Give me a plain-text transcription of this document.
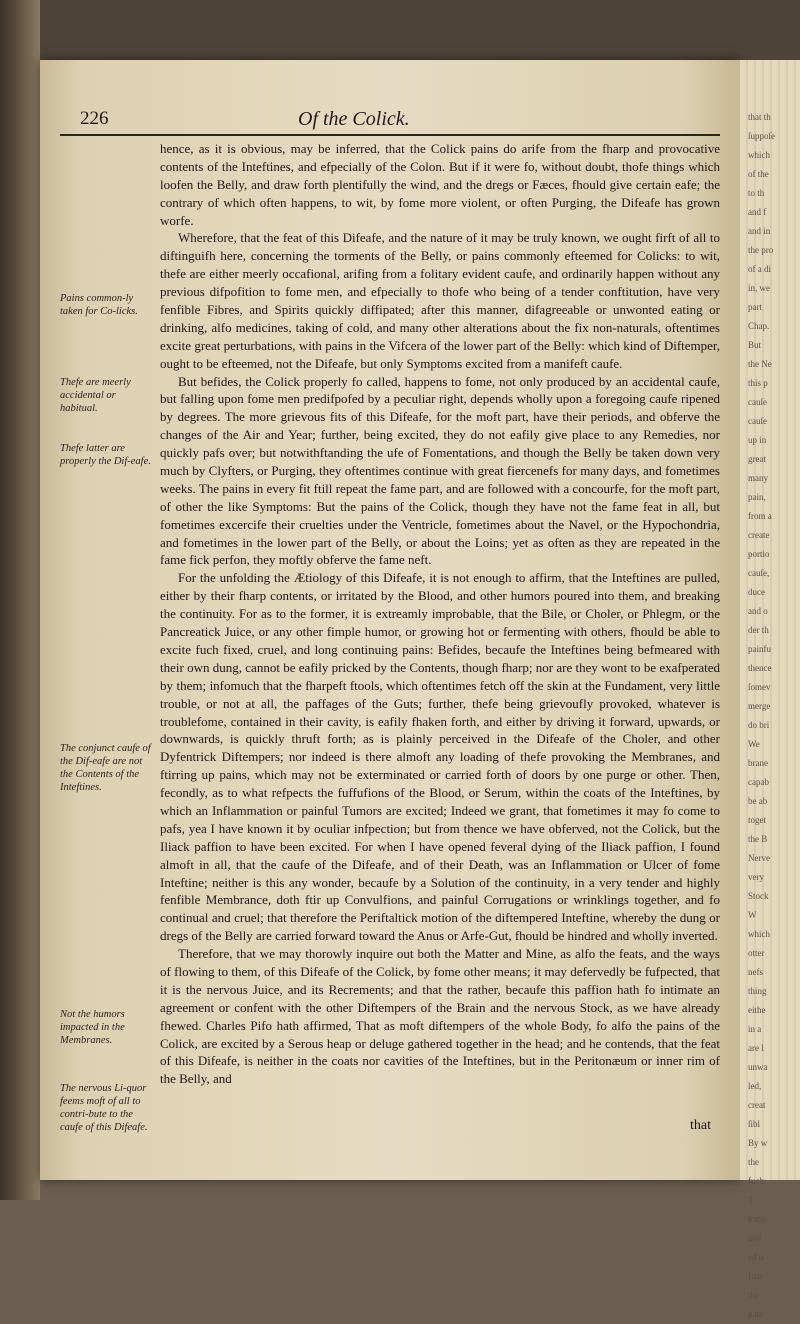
that th
ſuppoſe
which
of the
to th
and f
and in
the pro
of a di
in, we
part
Chap.
But
the Ne
this p
cauſe
cauſe
up in
great
many
pain,
from a
create
portio
cauſe,
duce
and o
der th
painfu
thence
ſomev
merge
do bri
We
brane
capab
be ab
toget
the B
Nerve
very
Stock
W
which
otter
nefs
thing
eithe
in a
are l
unwa
led,
creat
ſibl
By w
the
fuch
T
ſome
and
ed u
Lyn
the
pate
226	Of the Colick.
Pains common-ly taken for Co-licks.
Thefe are meerly accidental or habitual.
Thefe latter are properly the Dif-eafe.
The conjunct caufe of the Dif-eafe are not the Contents of the Inteftines.
Not the humors impacted in the Membranes.
The nervous Li-quor feems moft of all to contri-bute to the caufe of this Difeafe.

hence, as it is obvious, may be inferred, that the Colick pains do arife from the fharp and provocative contents of the Inteftines, and efpecially of the Colon. But if it were fo, without doubt, thofe things which loofen the Belly, and draw forth plentifully the wind, and the dregs or Fæces, fhould give certain eafe; the contrary of which often happens, to wit, by fome more violent, or often Purging, the Difeafe has grown worfe.

Wherefore, that the feat of this Difeafe, and the nature of it may be truly known, we ought firft of all to diftinguifh here, concerning the torments of the Belly, or pains commonly efteemed for Colicks: to wit, thefe are either meerly occafional, arifing from a folitary evident caufe, and ordinarily happen without any previous difpofition to fome men, and efpecially to thofe who being of a tender conftitution, have very fenfible Fibres, and Spirits quickly diffipated; after this manner, difagreeable or unwonted eating or drinking, alfo medicines, taking of cold, and many other alterations about the fix non-naturals, oftentimes excite great perturbations, with pains in the Vifcera of the lower part of the Belly: which kind of Diftemper, ought to be efteemed, not the Difeafe, but only Symptoms excited from a manifeft caufe.

But befides, the Colick properly fo called, happens to fome, not only produced by an accidental caufe, but falling upon fome men predifpofed by a peculiar right, depends wholly upon a foregoing caufe ripened by degrees. The more grievous fits of this Difeafe, for the moft part, have their periods, and obferve the changes of the Air and Year; further, being excited, they do not eafily give place to any Remedies, nor quickly pafs over; but notwithftanding the ufe of Fomentations, and though the Belly be taken down very much by Clyfters, or Purging, they oftentimes continue with great fiercenefs for many days, and fometimes weeks. The pains in every fit ftill repeat the fame part, and are followed with a concourfe, for the moft part, of other the like Symptoms: But the pains of the Colick, though they have not the fame feat in all, but fometimes excercife their cruelties under the Ventricle, fometimes about the Navel, or the Hypochondria, and fometimes in the lower part of the Belly, or about the Loins; yet as often as they are repeated in the fame fick perfon, they moftly obferve the fame neft.

For the unfolding the Ætiology of this Difeafe, it is not enough to affirm, that the Inteftines are pulled, either by their fharp contents, or irritated by the Blood, and other humors poured into them, and breaking the continuity. For as to the former, it is extreamly improbable, that the Bile, or Choler, or Phlegm, or the Pancreatick Juice, or any other fimple humor, or growing hot or fermenting with others, fhould be able to excite fuch fixed, cruel, and long continuing pains: Befides, becaufe the Inteftines being befmeared with their own dung, cannot be eafily pricked by the Contents, though fharp; nor are they wont to be exafperated by them; infomuch that the fharpeft ftools, which oftentimes fetch off the skin at the Fundament, very little trouble, or not at all, the paffages of the Guts; further, thefe being grievoufly provoked, whatever is troublefome, contained in their cavity, is eafily fhaken forth, and either by driving it forward, upwards, or downwards, is quickly thruft forth; as is plainly perceived in the Difeafe of the Choler, and other Dyfentrick Diftempers; nor indeed is there almoft any loading of thefe provoking the Membranes, and ftirring up pains, which may not be exterminated or carried forth of doors by one purge or other. Then, fecondly, as to what refpects the fuffufions of the Blood, or Serum, within the coats of the Inteftines, by which an Inflammation or painful Tumors are excited; Indeed we grant, that fometimes it may fo come to pafs, yea I have known it by oculiar infpection; but from thence we have obferved, not the Colick, but the Iliack paffion to have been excited. For when I have opened feveral dying of the Iliack paffion, I found almoft in all, that the caufe of the Difeafe, and of their Death, was an Inflammation or Ulcer of fome Inteftine; neither is this any wonder, becaufe by a Solution of the continuity, in a very tender and highly fenfible Membrance, doth ftir up Convulfions, and painful Corrugations or wrinklings together, and fo continual and cruel; that therefore the Periftaltick motion of the diftempered Inteftine, whereby the dung or dregs of the Belly are carried forward toward the Anus or Arfe-Gut, fhould be hindred and wholly inverted.

Therefore, that we may thorowly inquire out both the Matter and Mine, as alfo the feats, and the ways of flowing to them, of this Difeafe of the Colick, by fome other means; it may defervedly be fufpected, that it is the nervous Juice, and its Recrements; and that the rather, becaufe this paffion hath fo intimate an agreement or confent with the other Diftempers of the Brain and the nervous Stock, as we have already fhewed. Charles Pifo hath affirmed, That as moft diftempers of the whole Body, fo alfo the pains of the Colick, are excited by a Serous heap or deluge gathered together in the head; and he contends, that the feat of this Difeafe, is neither in the coats nor cavities of the Inteftines, but in the Peritonæum or inner rim of the Belly, and

that
